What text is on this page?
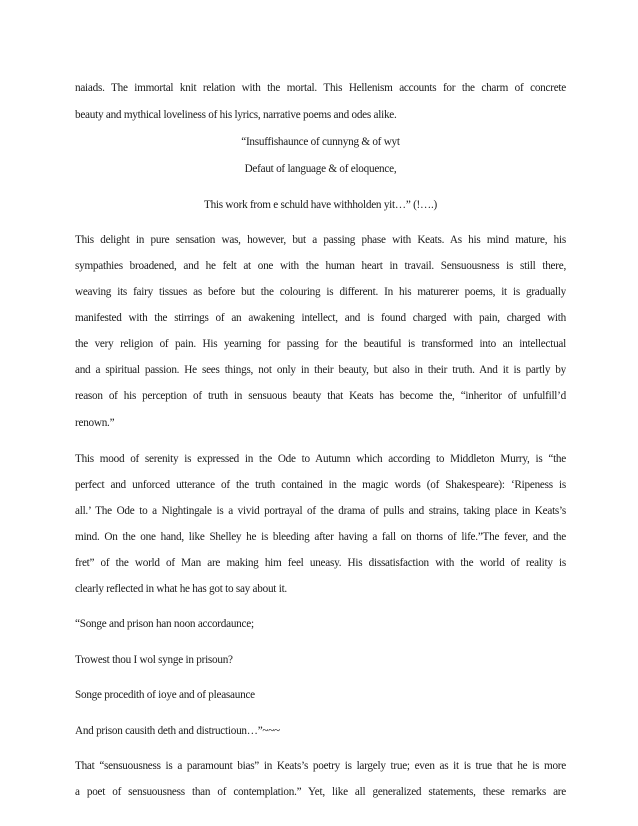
naiads. The immortal knit relation with the mortal. This Hellenism accounts for the charm of concrete
beauty and mythical loveliness of his lyrics, narrative poems and odes alike.
“Insuffishaunce of cunnyng & of wyt
Defaut of language & of eloquence,
This work from e schuld have withholden yit…” (!….)
This delight in pure sensation was, however, but a passing phase with Keats. As his mind mature, his
sympathies broadened, and he felt at one with the human heart in travail. Sensuousness is still there,
weaving its fairy tissues as before but the colouring is different. In his maturerer poems, it is gradually
manifested with the stirrings of an awakening intellect, and is found charged with pain, charged with
the very religion of pain. His yearning for passing for the beautiful is transformed into an intellectual
and a spiritual passion. He sees things, not only in their beauty, but also in their truth. And it is partly by
reason of his perception of truth in sensuous beauty that Keats has become the, “inheritor of unfulfill’d
renown.”
This mood of serenity is expressed in the Ode to Autumn which according to Middleton Murry, is “the
perfect and unforced utterance of the truth contained in the magic words (of Shakespeare): ‘Ripeness is
all.’ The Ode to a Nightingale is a vivid portrayal of the drama of pulls and strains, taking place in Keats’s
mind. On the one hand, like Shelley he is bleeding after having a fall on thorns of life.”The fever, and the
fret” of the world of Man are making him feel uneasy. His dissatisfaction with the world of reality is
clearly reflected in what he has got to say about it.
“Songe and prison han noon accordaunce;
Trowest thou I wol synge in prisoun?
Songe procedith of ioye and of pleasaunce
And prison causith deth and distructioun…”~~~
That “sensuousness is a paramount bias” in Keats’s poetry is largely true; even as it is true that he is more
a poet of sensuousness than of contemplation.” Yet, like all generalized statements, these remarks are
